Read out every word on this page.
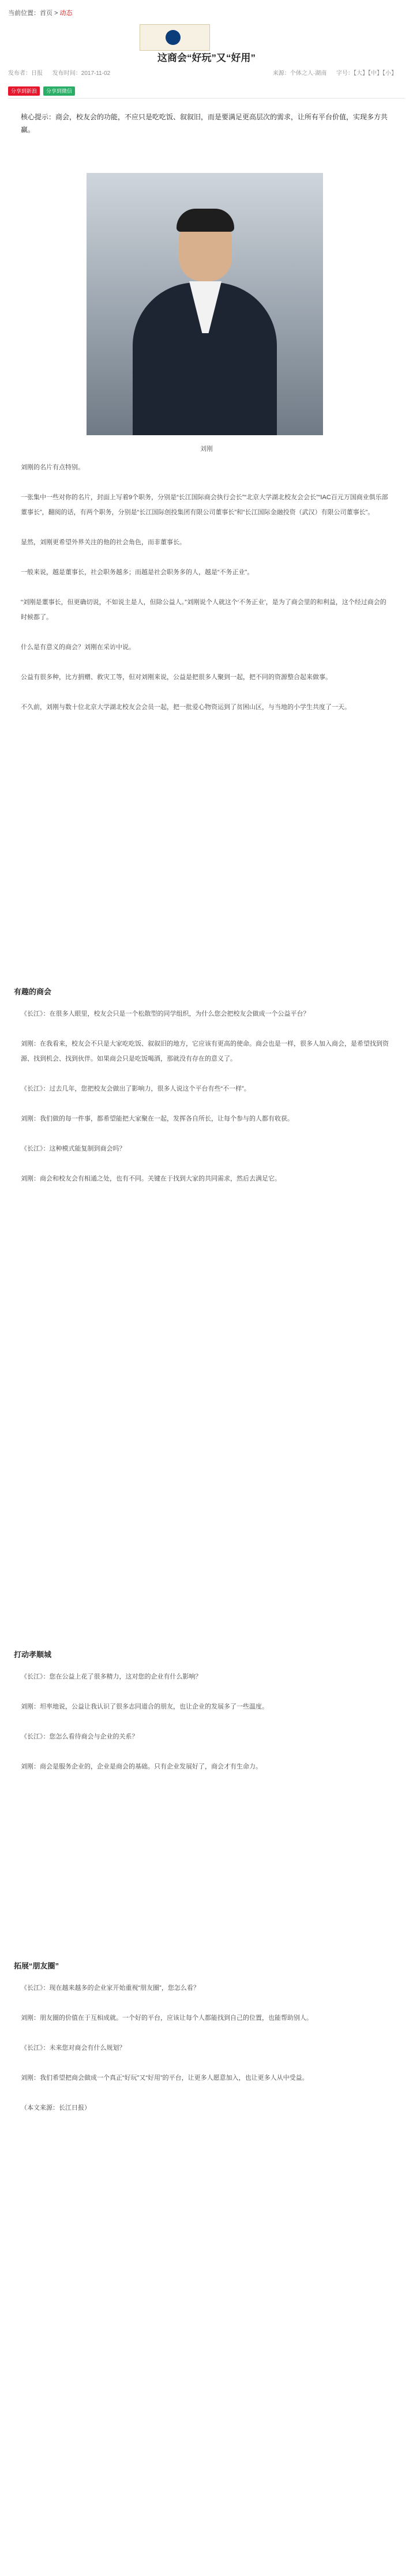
当前位置：首页 > 动态
这商会“好玩”又“好用”
发布者：日报 发布时间：2017-11-02	来源：个体之人·湖南 字号：【大】【中】【小】
分享到新浪	分享到微信
核心提示：商会，校友会的功能，不应只是吃吃饭、叙叙旧，而是要满足更高层次的需求，让所有平台价值，实现多方共赢。
刘刚

刘刚的名片有点特别。

一张集中一些对你的名片，封面上写着9个职务，分别是“长江国际商会执行会长”“北京大学湖北校友会会长”“IAC百元万国商业俱乐部董事长”，翻阅的话，有两个职务，分别是“长江国际创投集团有限公司董事长”和“长江国际金融投资（武汉）有限公司董事长”。

显然，刘刚更希望外界关注的他的社会角色，而非董事长。

一般来说，越是董事长，社会职务越多；而越是社会职务多的人，越是“不务正业”。

“刘刚是董事长，但更确切说，不如说主是人，但除公益人。”刘刚说个人就这个‘不务正业’，是为了商会里的和利益，这个经过商会的时候都了。

什么是有意义的商会？刘刚在采访中说。

公益有很多种，比方捐赠、救灾工等，但对刘刚来说，公益是把很多人聚到一起，把不同的资源整合起来做事。

不久前，刘刚与数十位北京大学湖北校友会会员一起，把一批爱心物资运到了贫困山区，与当地的小学生共度了一天。

有趣的商会

《长江》：在很多人眼里，校友会只是一个松散型的同学组织，为什么您会把校友会做成一个公益平台？

刘刚：在我看来，校友会不只是大家吃吃饭、叙叙旧的地方，它应该有更高的使命。商会也是一样，很多人加入商会，是希望找到资源、找到机会、找到伙伴。如果商会只是吃饭喝酒，那就没有存在的意义了。

《长江》：过去几年，您把校友会做出了影响力，很多人说这个平台有些“不一样”。

刘刚：我们做的每一件事，都希望能把大家聚在一起，发挥各自所长，让每个参与的人都有收获。

《长江》：这种模式能复制到商会吗？

刘刚：商会和校友会有相通之处，也有不同。关键在于找到大家的共同需求，然后去满足它。

打动孝顺城

《长江》：您在公益上花了很多精力，这对您的企业有什么影响？

刘刚：坦率地说，公益让我认识了很多志同道合的朋友，也让企业的发展多了一些温度。

《长江》：您怎么看待商会与企业的关系？

刘刚：商会是服务企业的，企业是商会的基础。只有企业发展好了，商会才有生命力。

拓展“朋友圈”

《长江》：现在越来越多的企业家开始重视“朋友圈”，您怎么看？

刘刚：朋友圈的价值在于互相成就。一个好的平台，应该让每个人都能找到自己的位置，也能帮助别人。

《长江》：未来您对商会有什么规划？

刘刚：我们希望把商会做成一个真正“好玩”又“好用”的平台，让更多人愿意加入，也让更多人从中受益。

（本文来源：长江日报）
